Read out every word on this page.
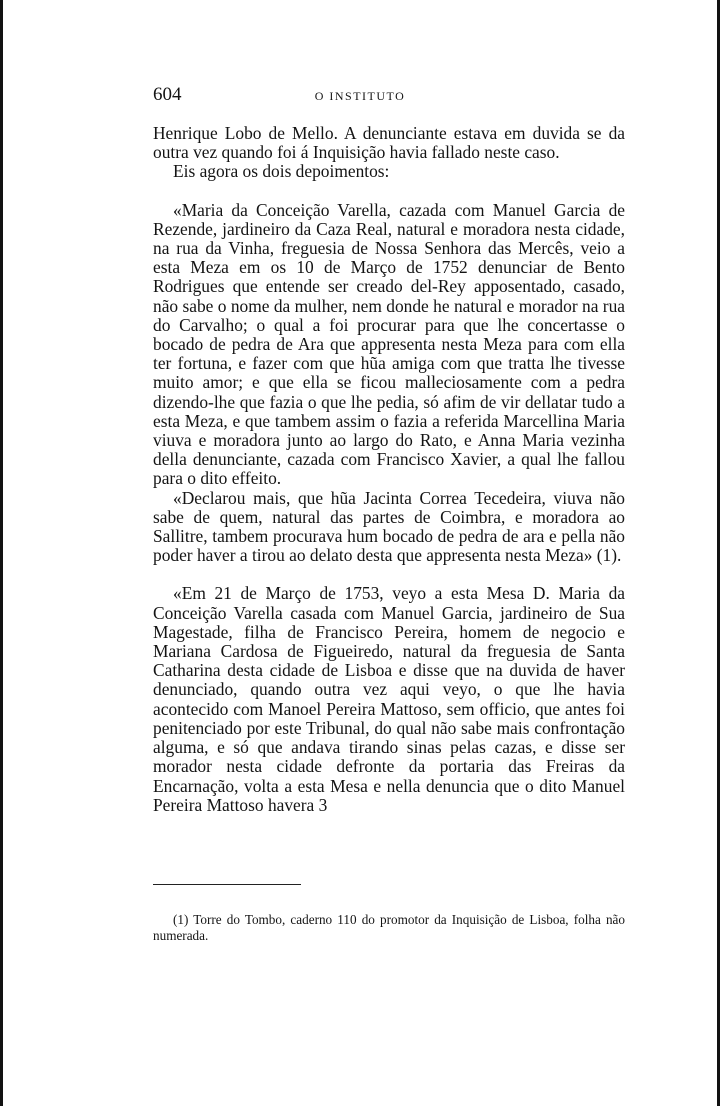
604	O INSTITUTO

Henrique Lobo de Mello. A denunciante estava em duvida se da outra vez quando foi á Inquisição havia fallado neste caso.

Eis agora os dois depoimentos:

«Maria da Conceição Varella, cazada com Manuel Garcia de Rezende, jardineiro da Caza Real, natural e moradora nesta cidade, na rua da Vinha, freguesia de Nossa Senhora das Mercês, veio a esta Meza em os 10 de Março de 1752 denunciar de Bento Rodrigues que entende ser creado del-Rey apposentado, casado, não sabe o nome da mulher, nem donde he natural e morador na rua do Carvalho; o qual a foi procurar para que lhe concertasse o bocado de pedra de Ara que appresenta nesta Meza para com ella ter fortuna, e fazer com que hũa amiga com que tratta lhe tivesse muito amor; e que ella se ficou malleciosamente com a pedra dizendo-lhe que fazia o que lhe pedia, só afim de vir dellatar tudo a esta Meza, e que tambem assim o fazia a referida Marcellina Maria viuva e moradora junto ao largo do Rato, e Anna Maria vezinha della denunciante, cazada com Francisco Xavier, a qual lhe fallou para o dito effeito.

«Declarou mais, que hũa Jacinta Correa Tecedeira, viuva não sabe de quem, natural das partes de Coimbra, e moradora ao Sallitre, tambem procurava hum bocado de pedra de ara e pella não poder haver a tirou ao delato desta que appresenta nesta Meza» (1).

«Em 21 de Março de 1753, veyo a esta Mesa D. Maria da Conceição Varella casada com Manuel Garcia, jardineiro de Sua Magestade, filha de Francisco Pereira, homem de negocio e Mariana Cardosa de Figueiredo, natural da freguesia de Santa Catharina desta cidade de Lisboa e disse que na duvida de haver denunciado, quando outra vez aqui veyo, o que lhe havia acontecido com Manoel Pereira Mattoso, sem officio, que antes foi penitenciado por este Tribunal, do qual não sabe mais confrontação alguma, e só que andava tirando sinas pelas cazas, e disse ser morador nesta cidade defronte da portaria das Freiras da Encarnação, volta a esta Mesa e nella denuncia que o dito Manuel Pereira Mattoso havera 3

(1) Torre do Tombo, caderno 110 do promotor da Inquisição de Lisboa, folha não numerada.
